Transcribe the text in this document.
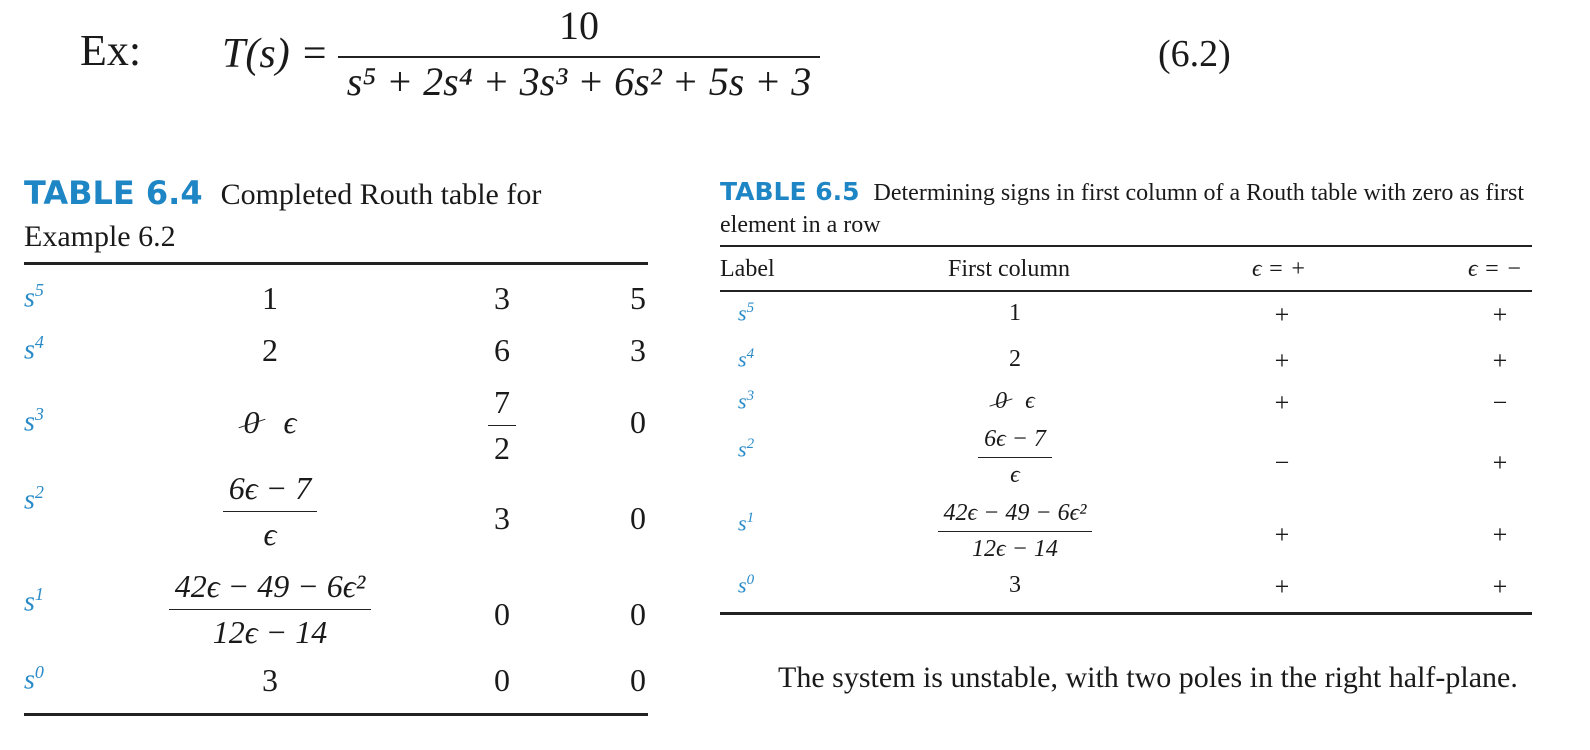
Ex: T(s) =
10
s⁵ + 2s⁴ + 3s³ + 6s² + 5s + 3
(6.2)
TABLE 6.4 Completed Routh table for Example 6.2
$s^5$	1	3	5
$s^4$	2	6	3
$s^3$	0 ϵ	$\frac{7}{2}$	0
$s^2$	$\frac{6\epsilon - 7}{\epsilon}$	3	0
$s^1$	$\frac{\text{42ϵ − 49 − 6ϵ²}}{12\epsilon - 14}$	0	0
$s^0$	3	0	0
TABLE 6.5 Determining signs in first column of a Routh table with zero as first element in a row
Label	First column	ϵ = +	ϵ = −
$s^5$	1	+	+
$s^4$	2	+	+
$s^3$	0 ϵ	+	−
$s^2$	$\frac{6\epsilon - 7}{\epsilon}$	−	+
$s^1$	$\frac{\text{42ϵ − 49 − 6ϵ²}}{12\epsilon - 14}$	+	+
$s^0$	3	+	+
The system is unstable, with two poles in the right half-plane.
